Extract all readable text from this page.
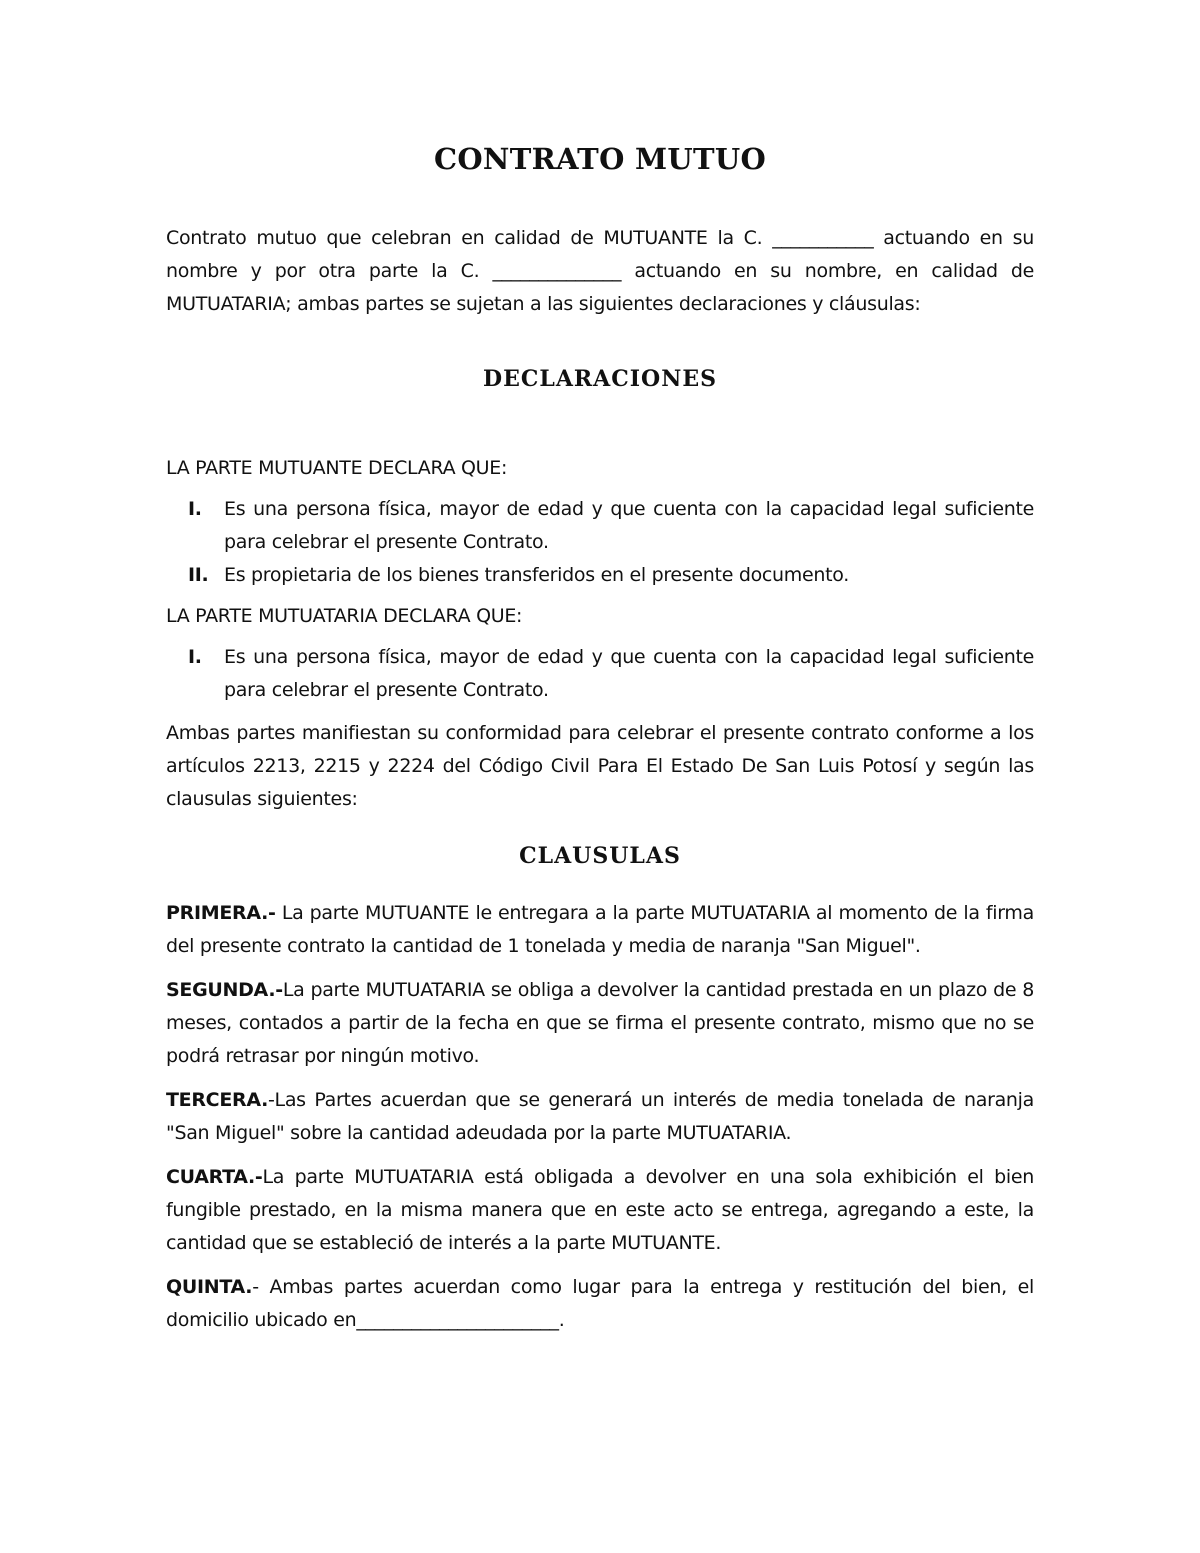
CONTRATO MUTUO

Contrato mutuo que celebran en calidad de MUTUANTE la C. ___________ actuando en su nombre y por otra parte la C. ______________ actuando en su nombre, en calidad de MUTUATARIA; ambas partes se sujetan a las siguientes declaraciones y cláusulas:

DECLARACIONES

LA PARTE MUTUANTE DECLARA QUE:

I.	Es una persona física, mayor de edad y que cuenta con la capacidad legal suficiente para celebrar el presente Contrato.
II. Es propietaria de los bienes transferidos en el presente documento.

LA PARTE MUTUATARIA DECLARA QUE:

I.	Es una persona física, mayor de edad y que cuenta con la capacidad legal suficiente para celebrar el presente Contrato.

Ambas partes manifiestan su conformidad para celebrar el presente contrato conforme a los artículos 2213, 2215 y 2224 del Código Civil Para El Estado De San Luis Potosí y según las clausulas siguientes:

CLAUSULAS

PRIMERA.- La parte MUTUANTE le entregara a la parte MUTUATARIA al momento de la firma del presente contrato la cantidad de 1 tonelada y media de naranja "San Miguel".

SEGUNDA.-La parte MUTUATARIA se obliga a devolver la cantidad prestada en un plazo de 8 meses, contados a partir de la fecha en que se firma el presente contrato, mismo que no se podrá retrasar por ningún motivo.

TERCERA.-Las Partes acuerdan que se generará un interés de media tonelada de naranja "San Miguel" sobre la cantidad adeudada por la parte MUTUATARIA.

CUARTA.-La parte MUTUATARIA está obligada a devolver en una sola exhibición el bien fungible prestado, en la misma manera que en este acto se entrega, agregando a este, la cantidad que se estableció de interés a la parte MUTUANTE.

QUINTA.- Ambas partes acuerdan como lugar para la entrega y restitución del bien, el domicilio ubicado en______________________.
